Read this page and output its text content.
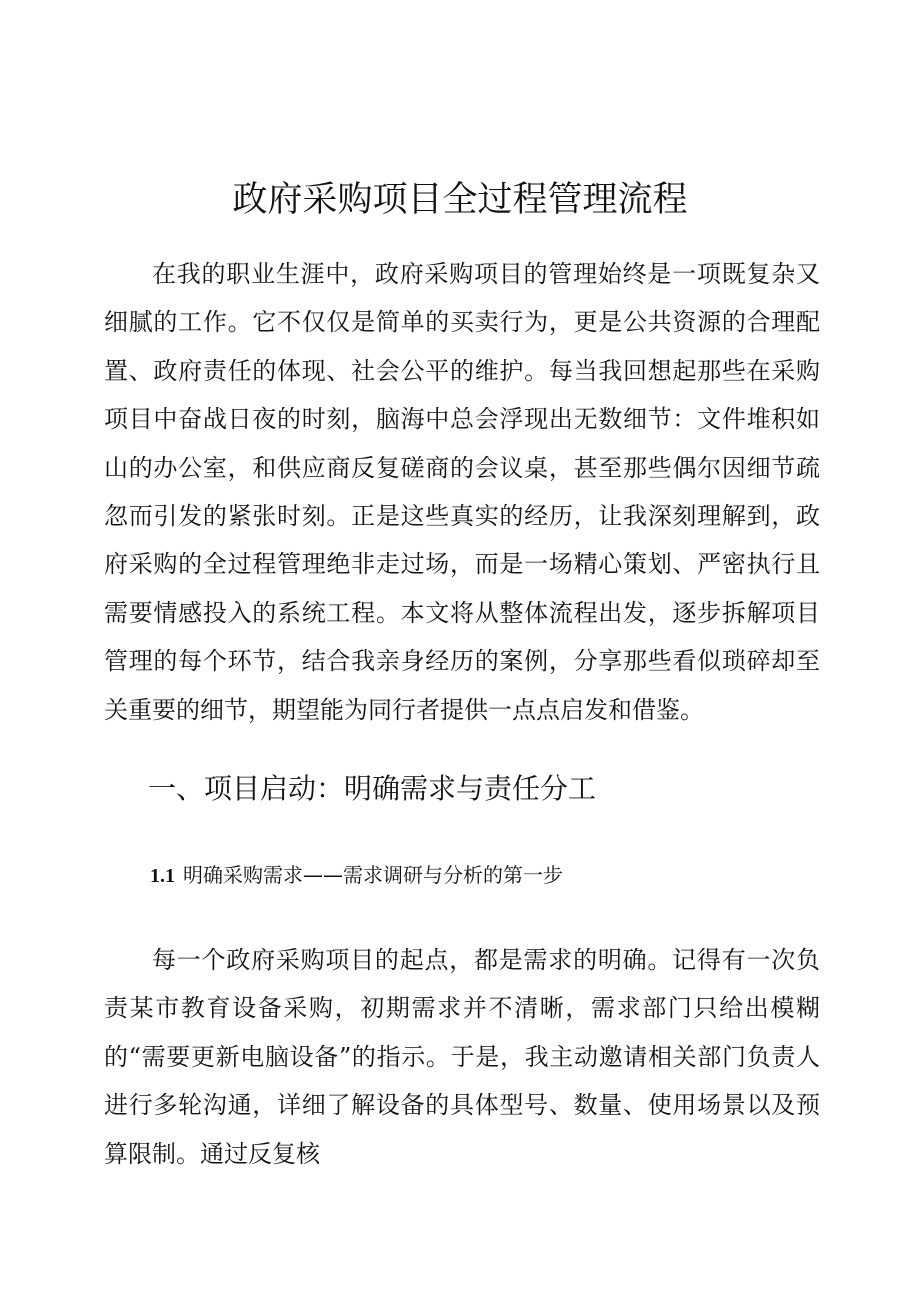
政府采购项目全过程管理流程

在我的职业生涯中，政府采购项目的管理始终是一项既复杂又细腻的工作。它不仅仅是简单的买卖行为，更是公共资源的合理配置、政府责任的体现、社会公平的维护。每当我回想起那些在采购项目中奋战日夜的时刻，脑海中总会浮现出无数细节：文件堆积如山的办公室，和供应商反复磋商的会议桌，甚至那些偶尔因细节疏忽而引发的紧张时刻。正是这些真实的经历，让我深刻理解到，政府采购的全过程管理绝非走过场，而是一场精心策划、严密执行且需要情感投入的系统工程。本文将从整体流程出发，逐步拆解项目管理的每个环节，结合我亲身经历的案例，分享那些看似琐碎却至关重要的细节，期望能为同行者提供一点点启发和借鉴。

一、项目启动：明确需求与责任分工
1.1 明确采购需求——需求调研与分析的第一步

每一个政府采购项目的起点，都是需求的明确。记得有一次负责某市教育设备采购，初期需求并不清晰，需求部门只给出模糊的“需要更新电脑设备”的指示。于是，我主动邀请相关部门负责人进行多轮沟通，详细了解设备的具体型号、数量、使用场景以及预算限制。通过反复核
